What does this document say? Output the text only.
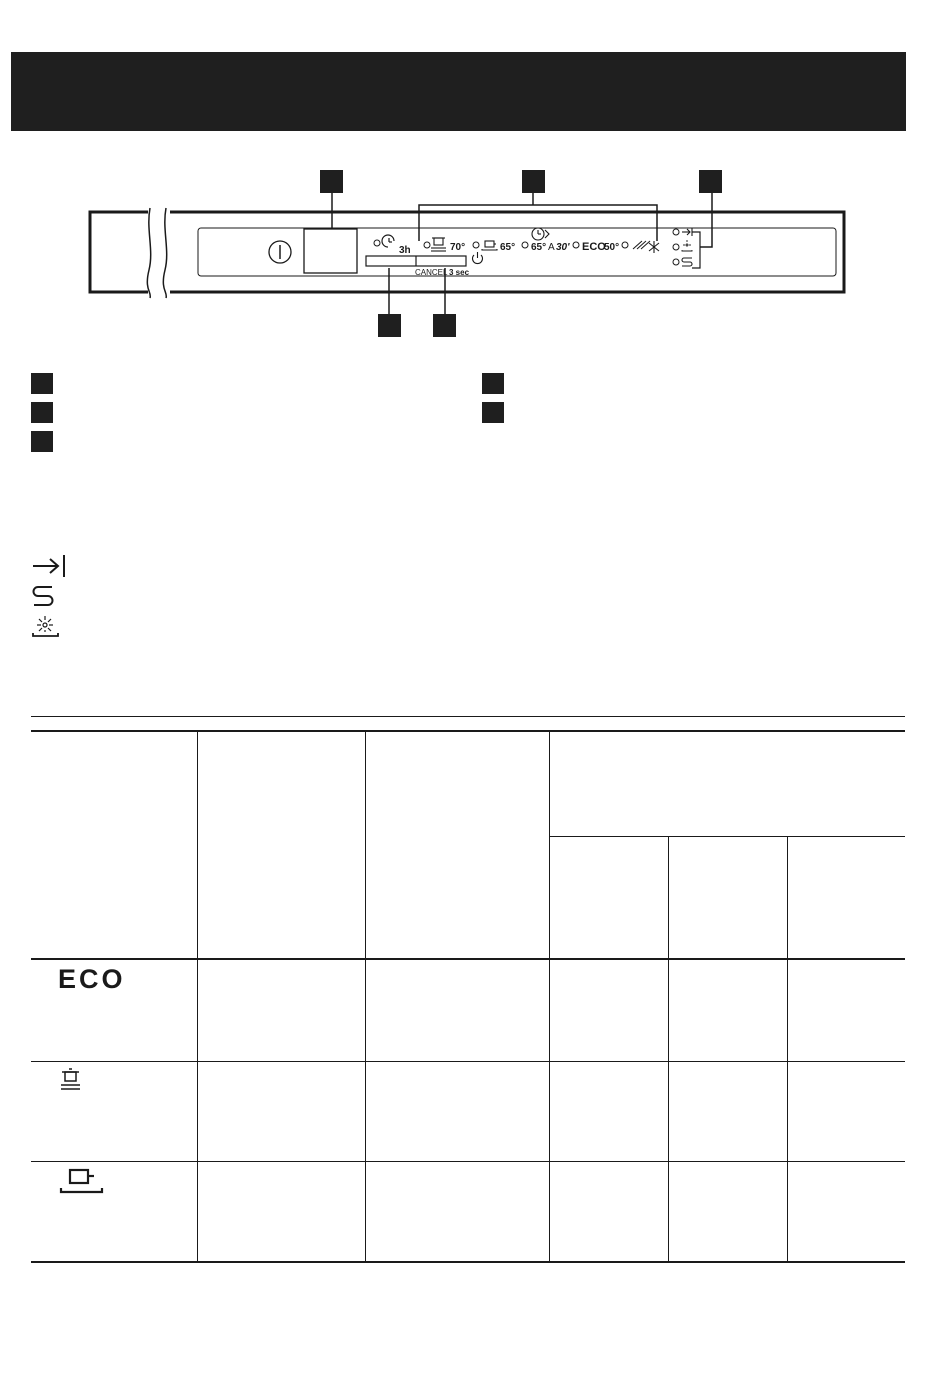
3h	70°	65° 65° A 30' ECO
50°
CANCEL 3 sec
ECO
